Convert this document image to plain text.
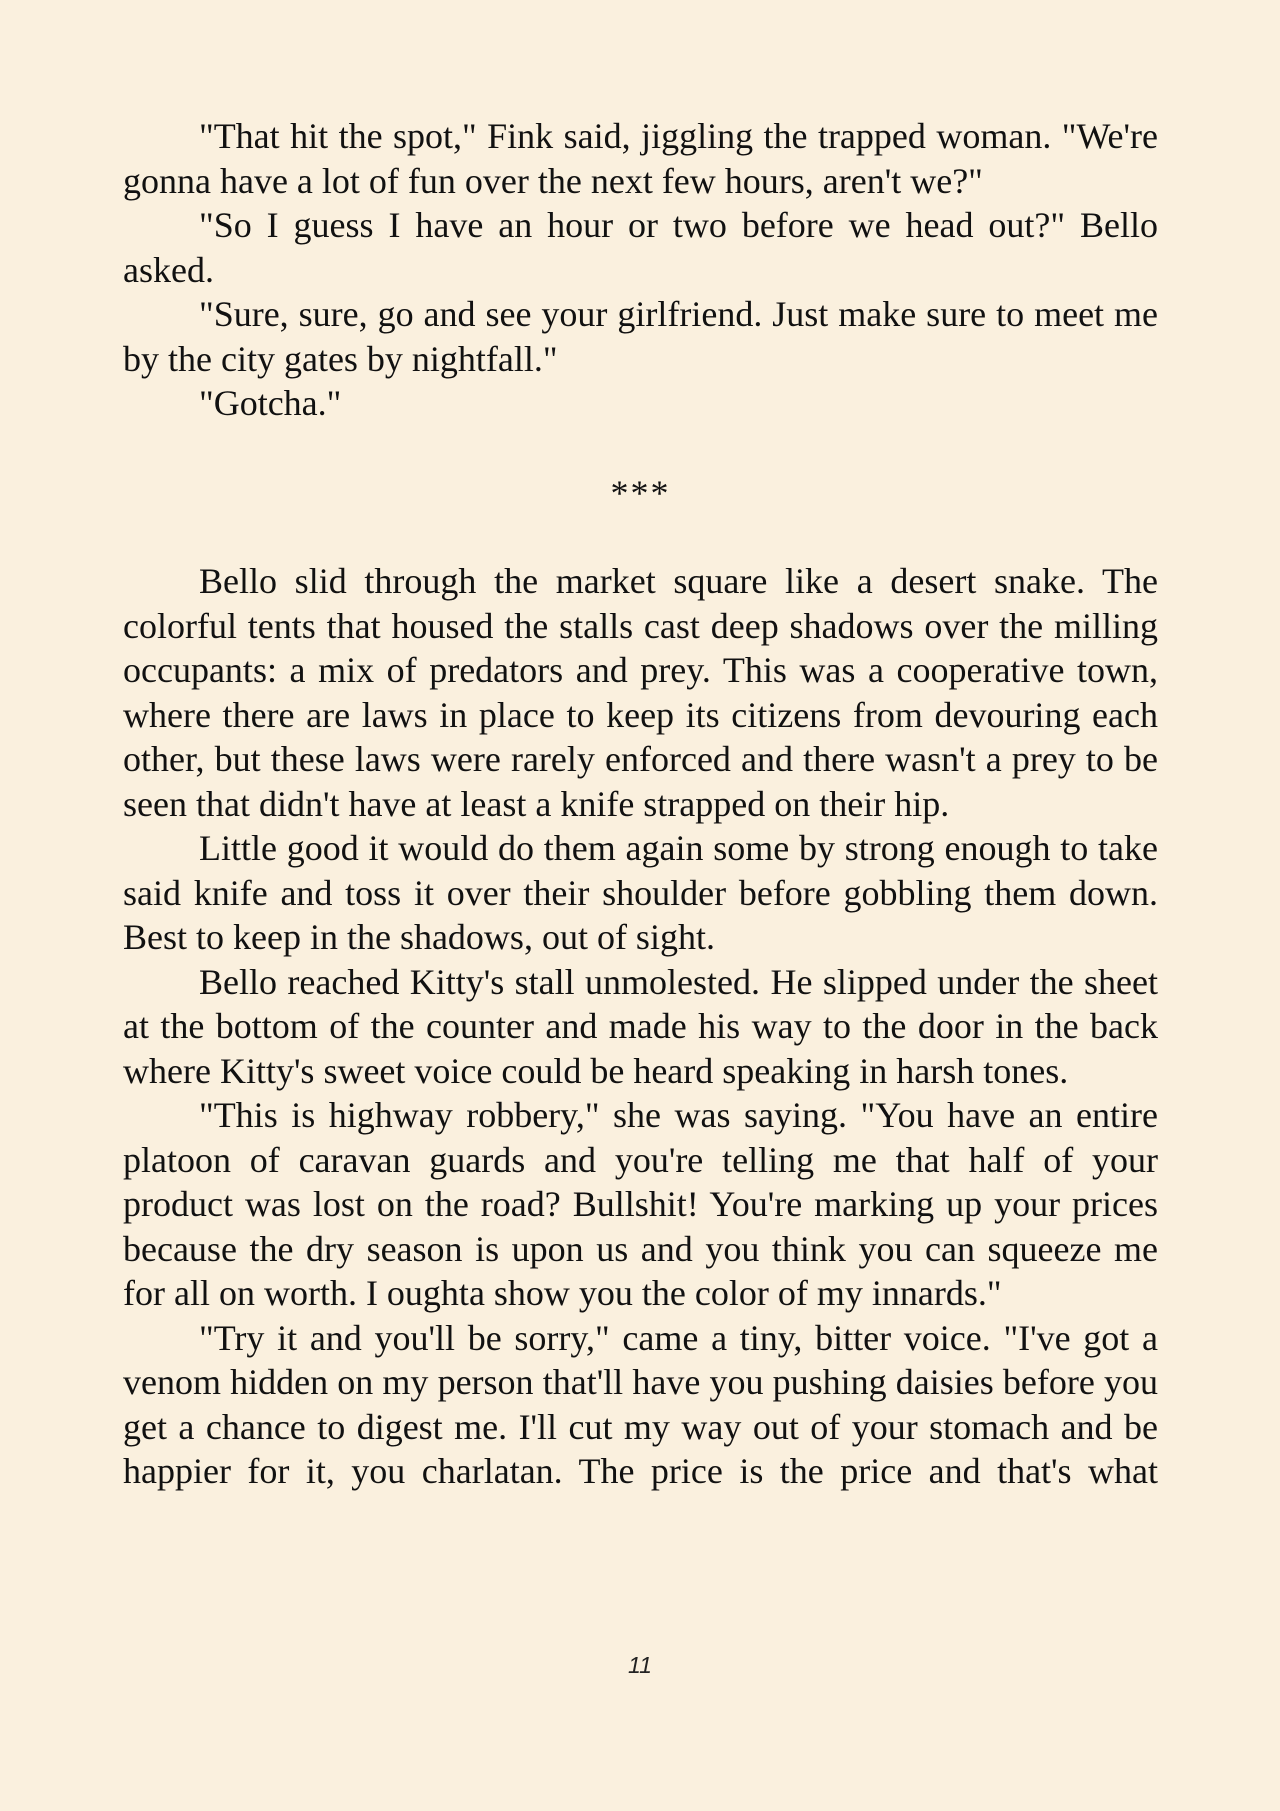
"That hit the spot," Fink said, jiggling the trapped woman. "We're gonna have a lot of fun over the next few hours, aren't we?"

"So I guess I have an hour or two before we head out?" Bello asked.

"Sure, sure, go and see your girlfriend. Just make sure to meet me by the city gates by nightfall."

"Gotcha."

***

Bello slid through the market square like a desert snake. The colorful tents that housed the stalls cast deep shadows over the milling occupants: a mix of predators and prey. This was a cooperative town, where there are laws in place to keep its citizens from devouring each other, but these laws were rarely enforced and there wasn't a prey to be seen that didn't have at least a knife strapped on their hip.

Little good it would do them again some by strong enough to take said knife and toss it over their shoulder before gobbling them down. Best to keep in the shadows, out of sight.

Bello reached Kitty's stall unmolested. He slipped under the sheet at the bottom of the counter and made his way to the door in the back where Kitty's sweet voice could be heard speaking in harsh tones.

"This is highway robbery," she was saying. "You have an entire platoon of caravan guards and you're telling me that half of your product was lost on the road? Bullshit! You're marking up your prices because the dry season is upon us and you think you can squeeze me for all on worth. I oughta show you the color of my innards."

"Try it and you'll be sorry," came a tiny, bitter voice. "I've got a venom hidden on my person that'll have you pushing daisies before you get a chance to digest me. I'll cut my way out of your stomach and be happier for it, you charlatan. The price is the price and that's what

11
